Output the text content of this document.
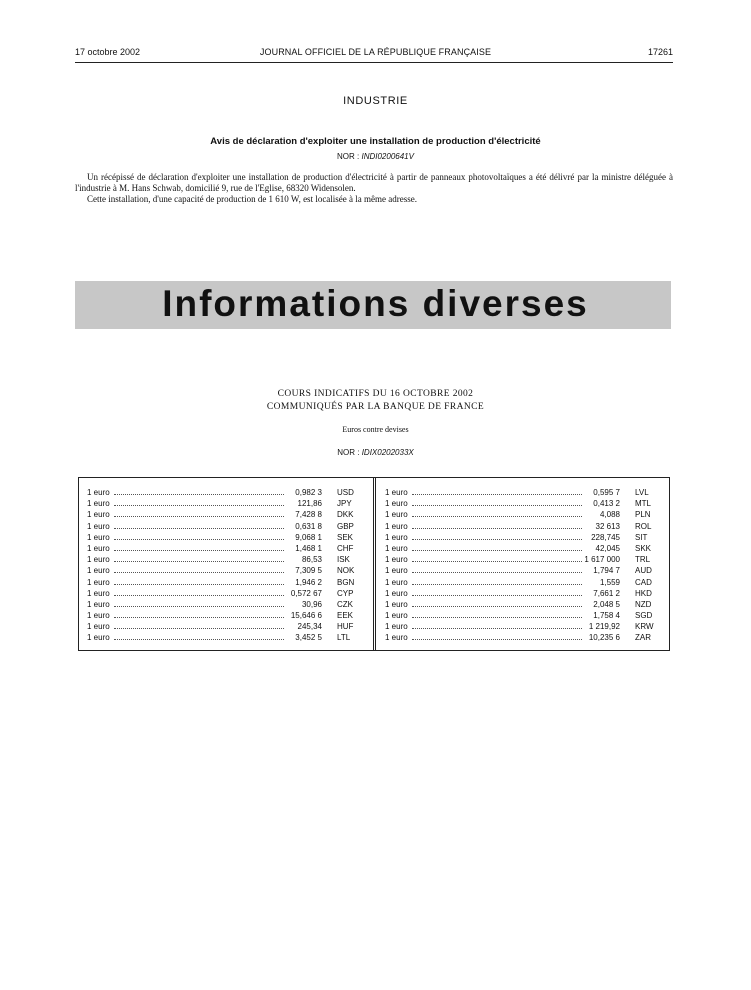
17 octobre 2002	JOURNAL OFFICIEL DE LA RÉPUBLIQUE FRANÇAISE	17261
INDUSTRIE
Avis de déclaration d'exploiter une installation de production d'électricité
NOR : INDI0200641V

Un récépissé de déclaration d'exploiter une installation de production d'électricité à partir de panneaux photovoltaïques a été délivré par la ministre déléguée à l'industrie à M. Hans Schwab, domicilié 9, rue de l'Eglise, 68320 Widensolen.

Cette installation, d'une capacité de production de 1 610 W, est localisée à la même adresse.

Informations diverses
COURS INDICATIFS DU 16 OCTOBRE 2002
COMMUNIQUÉS PAR LA BANQUE DE FRANCE
Euros contre devises
NOR : IDIX0202033X
1 euro	0,982 3 USD
1 euro	121,86 JPY
1 euro	7,428 8 DKK
1 euro	0,631 8 GBP
1 euro	9,068 1 SEK
1 euro	1,468 1 CHF
1 euro	86,53 ISK
1 euro	7,309 5 NOK
1 euro	1,946 2 BGN
1 euro	0,572 67 CYP
1 euro	30,96 CZK
1 euro	15,646 6 EEK
1 euro	245,34 HUF
1 euro	3,452 5 LTL
1 euro	0,595 7 LVL
1 euro	0,413 2 MTL
1 euro	4,088 PLN
1 euro	32 613 ROL
1 euro	228,745 SIT
1 euro	42,045 SKK
1 euro	1 617 000 TRL
1 euro	1,794 7 AUD
1 euro	1,559 CAD
1 euro	7,661 2 HKD
1 euro	2,048 5 NZD
1 euro	1,758 4 SGD
1 euro	1 219,92 KRW
1 euro	10,235 6 ZAR
